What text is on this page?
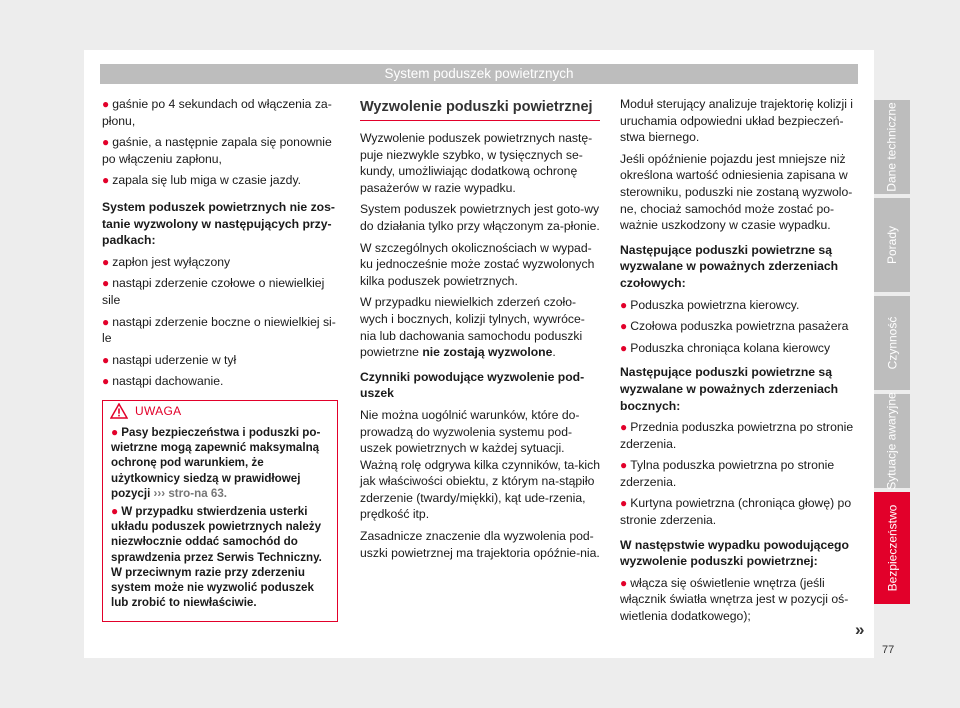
System poduszek powietrznych
● gaśnie po 4 sekundach od włączenia za-płonu,
● gaśnie, a następnie zapala się ponownie po włączeniu zapłonu,
● zapala się lub miga w czasie jazdy.

System poduszek powietrznych nie zos-tanie wyzwolony w następujących przy-padkach:

● zapłon jest wyłączony
● nastąpi zderzenie czołowe o niewielkiej sile
● nastąpi zderzenie boczne o niewielkiej si-le
● nastąpi uderzenie w tył
● nastąpi dachowanie.
UWAGA
● Pasy bezpieczeństwa i poduszki po-wietrzne mogą zapewnić maksymalną ochronę pod warunkiem, że użytkownicy siedzą w prawidłowej pozycji ››› stro-na 63.
● W przypadku stwierdzenia usterki układu poduszek powietrznych należy niezwłocznie oddać samochód do sprawdzenia przez Serwis Techniczny. W przeciwnym razie przy zderzeniu system może nie wyzwolić poduszek lub zrobić to niewłaściwie.
Wyzwolenie poduszki powietrznej

Wyzwolenie poduszek powietrznych nastę-puje niezwykle szybko, w tysięcznych se-kundy, umożliwiając dodatkową ochronę pasażerów w razie wypadku.

System poduszek powietrznych jest goto-wy do działania tylko przy włączonym za-płonie.

W szczególnych okolicznościach w wypad-ku jednocześnie może zostać wyzwolonych kilka poduszek powietrznych.

W przypadku niewielkich zderzeń czoło-wych i bocznych, kolizji tylnych, wywróce-nia lub dachowania samochodu poduszki powietrzne nie zostają wyzwolone.

Czynniki powodujące wyzwolenie pod-uszek

Nie można uogólnić warunków, które do-prowadzą do wyzwolenia systemu pod-uszek powietrznych w każdej sytuacji. Ważną rolę odgrywa kilka czynników, ta-kich jak właściwości obiektu, z którym na-stąpiło zderzenie (twardy/miękki), kąt ude-rzenia, prędkość itp.

Zasadnicze znaczenie dla wyzwolenia pod-uszki powietrznej ma trajektoria opóźnie-nia.

Moduł sterujący analizuje trajektorię kolizji i uruchamia odpowiedni układ bezpieczeń-stwa biernego.

Jeśli opóźnienie pojazdu jest mniejsze niż określona wartość odniesienia zapisana w sterowniku, poduszki nie zostaną wyzwolo-ne, chociaż samochód może zostać po-ważnie uszkodzony w czasie wypadku.

Następujące poduszki powietrzne są wyzwalane w poważnych zderzeniach czołowych:

● Poduszka powietrzna kierowcy.
● Czołowa poduszka powietrzna pasażera
● Poduszka chroniąca kolana kierowcy

Następujące poduszki powietrzne są wyzwalane w poważnych zderzeniach bocznych:

● Przednia poduszka powietrzna po stronie zderzenia.
● Tylna poduszka powietrzna po stronie zderzenia.
● Kurtyna powietrzna (chroniąca głowę) po stronie zderzenia.

W następstwie wypadku powodującego wyzwolenie poduszki powietrznej:

● włącza się oświetlenie wnętrza (jeśli włącznik światła wnętrza jest w pozycji oś-wietlenia dodatkowego);
Dane techniczne
Porady
Czynność
Sytuacje awaryjne
Bezpieczeństwo
»
77
